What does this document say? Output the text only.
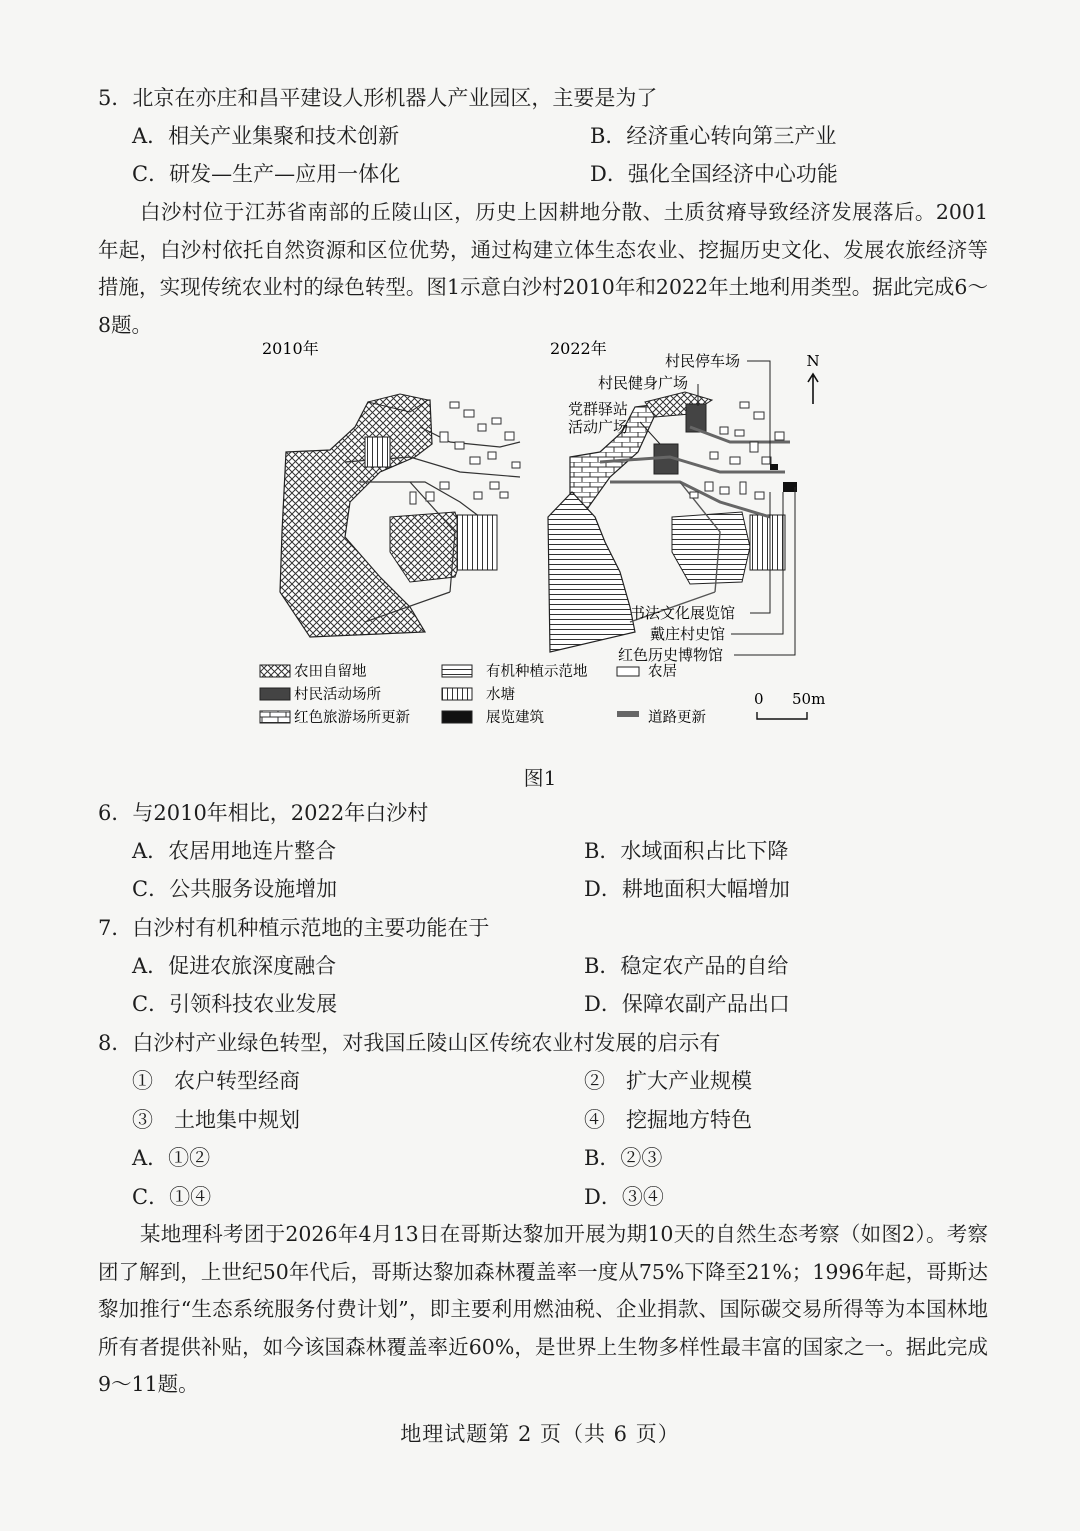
5．北京在亦庄和昌平建设人形机器人产业园区，主要是为了
A．相关产业集聚和技术创新	B．经济重心转向第三产业
C．研发—生产—应用一体化	D．强化全国经济中心功能
白沙村位于江苏省南部的丘陵山区，历史上因耕地分散、土质贫瘠导致经济发展落后。2001年起，白沙村依托自然资源和区位优势，通过构建立体生态农业、挖掘历史文化、发展农旅经济等措施，实现传统农业村的绿色转型。图1示意白沙村2010年和2022年土地利用类型。据此完成6～8题。
2010年	2022年
村民停车场
村民健身广场
党群驿站
活动广场
N
书法文化展览馆
戴庄村史馆
红色历史博物馆
农田自留地	有机种植示范地	农居
村民活动场所	水塘
道路更新
红色旅游场所更新	展览建筑
0 50m
图1
6．与2010年相比，2022年白沙村
A．农居用地连片整合	B．水域面积占比下降
C．公共服务设施增加	D．耕地面积大幅增加
7．白沙村有机种植示范地的主要功能在于
A．促进农旅深度融合	B．稳定农产品的自给
C．引领科技农业发展	D．保障农副产品出口
8．白沙村产业绿色转型，对我国丘陵山区传统农业村发展的启示有
①　农户转型经商	②　扩大产业规模
③　土地集中规划	④　挖掘地方特色
A．①②	B．②③
C．①④	D．③④
某地理科考团于2026年4月13日在哥斯达黎加开展为期10天的自然生态考察（如图2）。考察团了解到，上世纪50年代后，哥斯达黎加森林覆盖率一度从75%下降至21%；1996年起，哥斯达黎加推行“生态系统服务付费计划”，即主要利用燃油税、企业捐款、国际碳交易所得等为本国林地所有者提供补贴，如今该国森林覆盖率近60%，是世界上生物多样性最丰富的国家之一。据此完成9～11题。
地理试题第 2 页（共 6 页）
